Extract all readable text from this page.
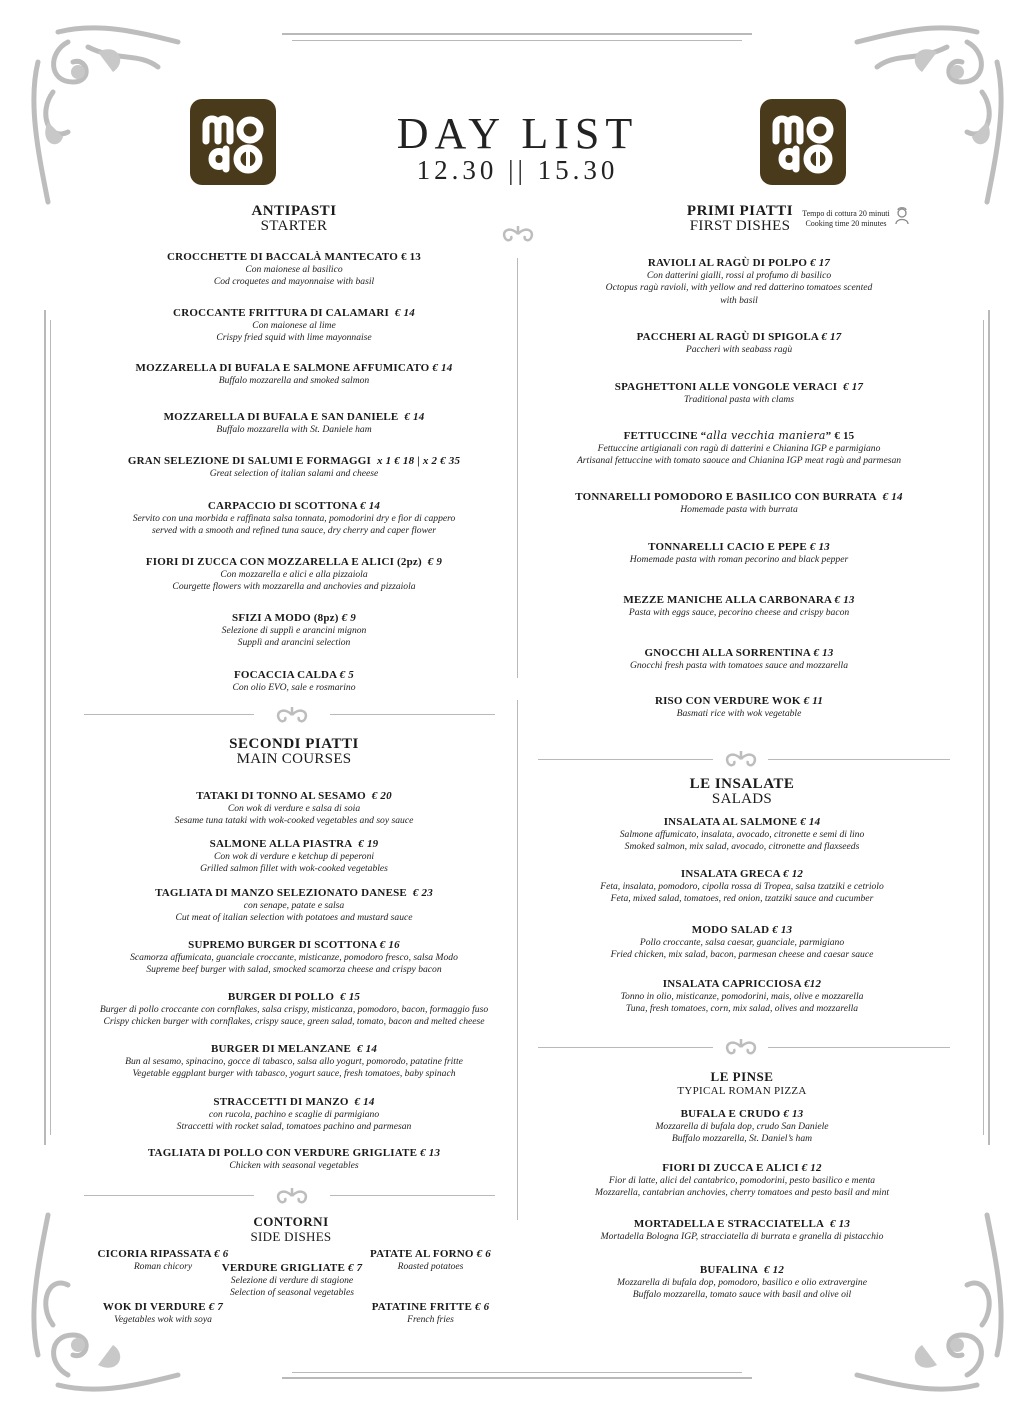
DAY LIST
12.30 || 15.30
ANTIPASTI
STARTER
CROCCHETTE DI BACCALÀ MANTECATO € 13
Con maionese al basilico
Cod croquetes and mayonnaise with basil
CROCCANTE FRITTURA DI CALAMARI € 14
Con maionese al lime
Crispy fried squid with lime mayonnaise
MOZZARELLA DI BUFALA E SALMONE AFFUMICATO € 14
Buffalo mozzarella and smoked salmon
MOZZARELLA DI BUFALA E SAN DANIELE € 14
Buffalo mozzarella with St. Daniele ham
GRAN SELEZIONE DI SALUMI E FORMAGGI x 1 € 18 | x 2 € 35
Great selection of italian salami and cheese
CARPACCIO DI SCOTTONA € 14
Servito con una morbida e raffinata salsa tonnata, pomodorini dry e fior di cappero
served with a smooth and refined tuna sauce, dry cherry and caper flower
FIORI DI ZUCCA CON MOZZARELLA E ALICI (2pz) € 9
Con mozzarella e alici e alla pizzaiola
Courgette flowers with mozzarella and anchovies and pizzaiola
SFIZI A MODO (8pz) € 9
Selezione di supplì e arancini mignon
Supplì and arancini selection
FOCACCIA CALDA € 5
Con olio EVO, sale e rosmarino
SECONDI PIATTI
MAIN COURSES
TATAKI DI TONNO AL SESAMO € 20
Con wok di verdure e salsa di soia
Sesame tuna tataki with wok-cooked vegetables and soy sauce
SALMONE ALLA PIASTRA € 19
Con wok di verdure e ketchup di peperoni
Grilled salmon fillet with wok-cooked vegetables
TAGLIATA DI MANZO SELEZIONATO DANESE € 23
con senape, patate e salsa
Cut meat of italian selection with potatoes and mustard sauce
SUPREMO BURGER DI SCOTTONA € 16
Scamorza affumicata, guanciale croccante, misticanze, pomodoro fresco, salsa Modo
Supreme beef burger with salad, smocked scamorza cheese and crispy bacon
BURGER DI POLLO € 15
Burger di pollo croccante con cornflakes, salsa crispy, misticanza, pomodoro, bacon, formaggio fuso
Crispy chicken burger with cornflakes, crispy sauce, green salad, tomato, bacon and melted cheese
BURGER DI MELANZANE € 14
Bun al sesamo, spinacino, gocce di tabasco, salsa allo yogurt, pomorodo, patatine fritte
Vegetable eggplant burger with tabasco, yogurt sauce, fresh tomatoes, baby spinach
STRACCETTI DI MANZO € 14
con rucola, pachino e scaglie di parmigiano
Straccetti with rocket salad, tomatoes pachino and parmesan
TAGLIATA DI POLLO CON VERDURE GRIGLIATE € 13
Chicken with seasonal vegetables
CONTORNI
SIDE DISHES
CICORIA RIPASSATA € 6
Roman chicory	VERDURE GRIGLIATE € 7
Selezione di verdure di stagione
Selection of seasonal vegetables
PATATE AL FORNO € 6
Roasted potatoes
WOK DI VERDURE € 7
Vegetables wok with soya
PATATINE FRITTE € 6
French fries
PRIMI PIATTI
FIRST DISHES
Tempo di cottura 20 minuti
Cooking time 20 minutes
RAVIOLI AL RAGÙ DI POLPO € 17
Con datterini gialli, rossi al profumo di basilico
Octopus ragù ravioli, with yellow and red datterino tomatoes scented
with basil
PACCHERI AL RAGÙ DI SPIGOLA € 17
Paccheri with seabass ragù
SPAGHETTONI ALLE VONGOLE VERACI € 17
Traditional pasta with clams
FETTUCCINE “alla vecchia maniera” € 15
Fettuccine artigianali con ragù di datterini e Chianina IGP e parmigiano
Artisanal fettuccine with tomato saouce and Chianina IGP meat ragù and parmesan
TONNARELLI POMODORO E BASILICO CON BURRATA € 14
Homemade pasta with burrata
TONNARELLI CACIO E PEPE € 13
Homemade pasta with roman pecorino and black pepper
MEZZE MANICHE ALLA CARBONARA € 13
Pasta with eggs sauce, pecorino cheese and crispy bacon
GNOCCHI ALLA SORRENTINA € 13
Gnocchi fresh pasta with tomatoes sauce and mozzarella
RISO CON VERDURE WOK € 11
Basmati rice with wok vegetable
LE INSALATE
SALADS
INSALATA AL SALMONE € 14
Salmone affumicato, insalata, avocado, citronette e semi di lino
Smoked salmon, mix salad, avocado, citronette and flaxseeds
INSALATA GRECA € 12
Feta, insalata, pomodoro, cipolla rossa di Tropea, salsa tzatziki e cetriolo
Feta, mixed salad, tomatoes, red onion, tzatziki sauce and cucumber
MODO SALAD € 13
Pollo croccante, salsa caesar, guanciale, parmigiano
Fried chicken, mix salad, bacon, parmesan cheese and caesar sauce
INSALATA CAPRICCIOSA €12
Tonno in olio, misticanze, pomodorini, mais, olive e mozzarella
Tuna, fresh tomatoes, corn, mix salad, olives and mozzarella
LE PINSE
TYPICAL ROMAN PIZZA
BUFALA E CRUDO € 13
Mozzarella di bufala dop, crudo San Daniele
Buffalo mozzarella, St. Daniel’s ham
FIORI DI ZUCCA E ALICI € 12
Fior di latte, alici del cantabrico, pomodorini, pesto basilico e menta
Mozzarella, cantabrian anchovies, cherry tomatoes and pesto basil and mint
MORTADELLA E STRACCIATELLA € 13
Mortadella Bologna IGP, stracciatella di burrata e granella di pistacchio
BUFALINA € 12
Mozzarella di bufala dop, pomodoro, basilico e olio extravergine
Buffalo mozzarella, tomato sauce with basil and olive oil
